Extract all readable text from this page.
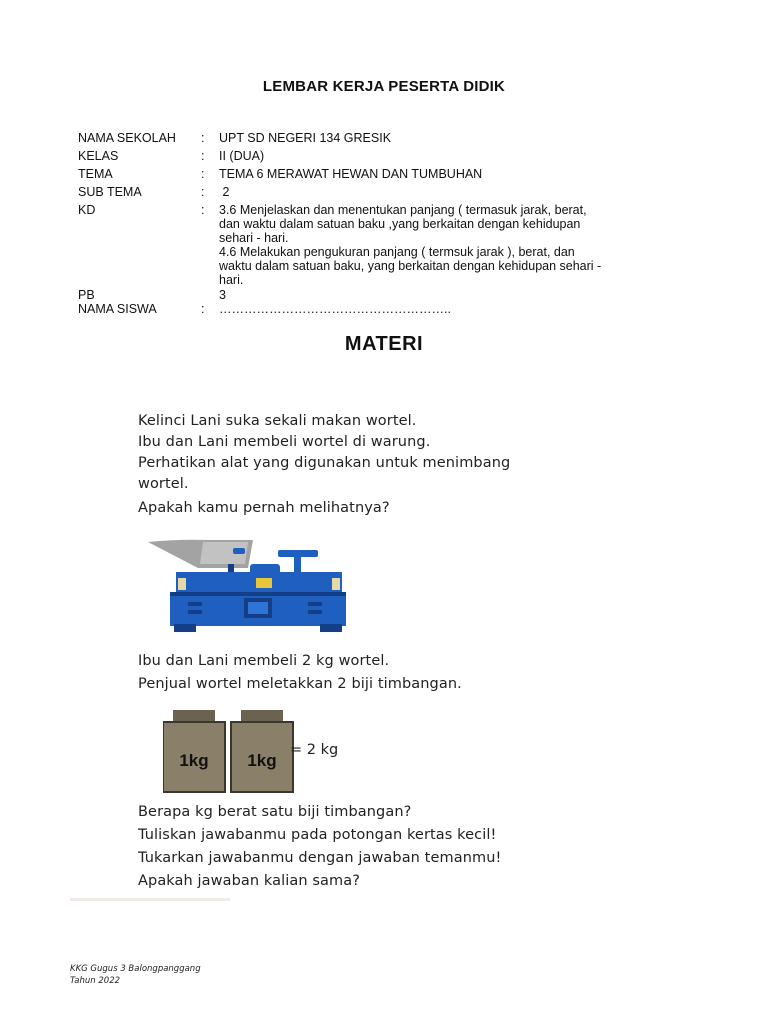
LEMBAR KERJA PESERTA DIDIK
NAMA SEKOLAH	:	UPT SD NEGERI 134 GRESIK
KELAS	:	II (DUA)
TEMA	:	TEMA 6 MERAWAT HEWAN DAN TUMBUHAN
SUB TEMA	:	2
KD	:	3.6 Menjelaskan dan menentukan panjang ( termasuk jarak, berat,
dan waktu dalam satuan baku ,yang berkaitan dengan kehidupan
sehari - hari.
4.6 Melakukan pengukuran panjang ( termsuk jarak ), berat, dan
waktu dalam satuan baku, yang berkaitan dengan kehidupan sehari -
hari.
PB	3
NAMA SISWA	:	………………………………………………..
MATERI
Kelinci Lani suka sekali makan wortel.
Ibu dan Lani membeli wortel di warung.
Perhatikan alat yang digunakan untuk menimbang
wortel.
Apakah kamu pernah melihatnya?
Ibu dan Lani membeli 2 kg wortel.
Penjual wortel meletakkan 2 biji timbangan.
1kg 1kg
= 2 kg
Berapa kg berat satu biji timbangan?
Tuliskan jawabanmu pada potongan kertas kecil!
Tukarkan jawabanmu dengan jawaban temanmu!
Apakah jawaban kalian sama?
KKG Gugus 3 Balongpanggang
Tahun 2022
